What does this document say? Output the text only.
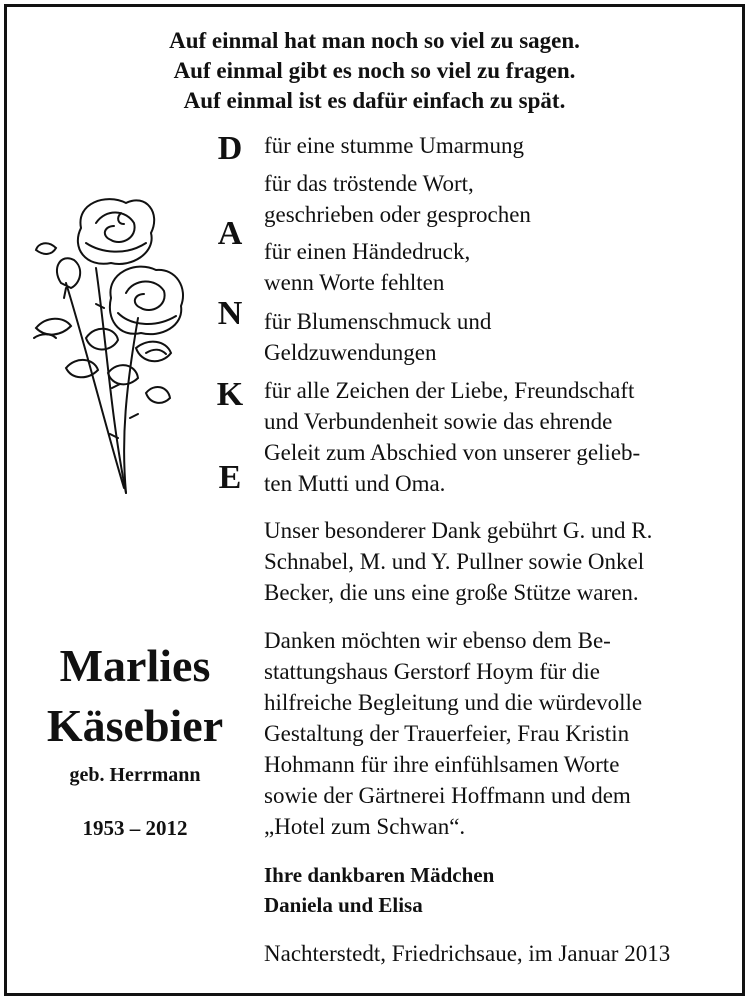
Auf einmal hat man noch so viel zu sagen.
Auf einmal gibt es noch so viel zu fragen.
Auf einmal ist es dafür einfach zu spät.
D
A
N
K
E
für eine stumme Umarmung
für das tröstende Wort,
geschrieben oder gesprochen
für einen Händedruck,
wenn Worte fehlten
für Blumenschmuck und
Geldzuwendungen
für alle Zeichen der Liebe, Freundschaft
und Verbundenheit sowie das ehrende
Geleit zum Abschied von unserer gelieb-
ten Mutti und Oma.
Unser besonderer Dank gebührt G. und R.
Schnabel, M. und Y. Pullner sowie Onkel
Becker, die uns eine große Stütze waren.
Danken möchten wir ebenso dem Be-
stattungshaus Gerstorf Hoym für die
hilfreiche Begleitung und die würdevolle
Gestaltung der Trauerfeier, Frau Kristin
Hohmann für ihre einfühlsamen Worte
sowie der Gärtnerei Hoffmann und dem
„Hotel zum Schwan“.
Marlies
Käsebier
geb. Herrmann
1953 – 2012
Ihre dankbaren Mädchen
Daniela und Elisa
Nachterstedt, Friedrichsaue, im Januar 2013
